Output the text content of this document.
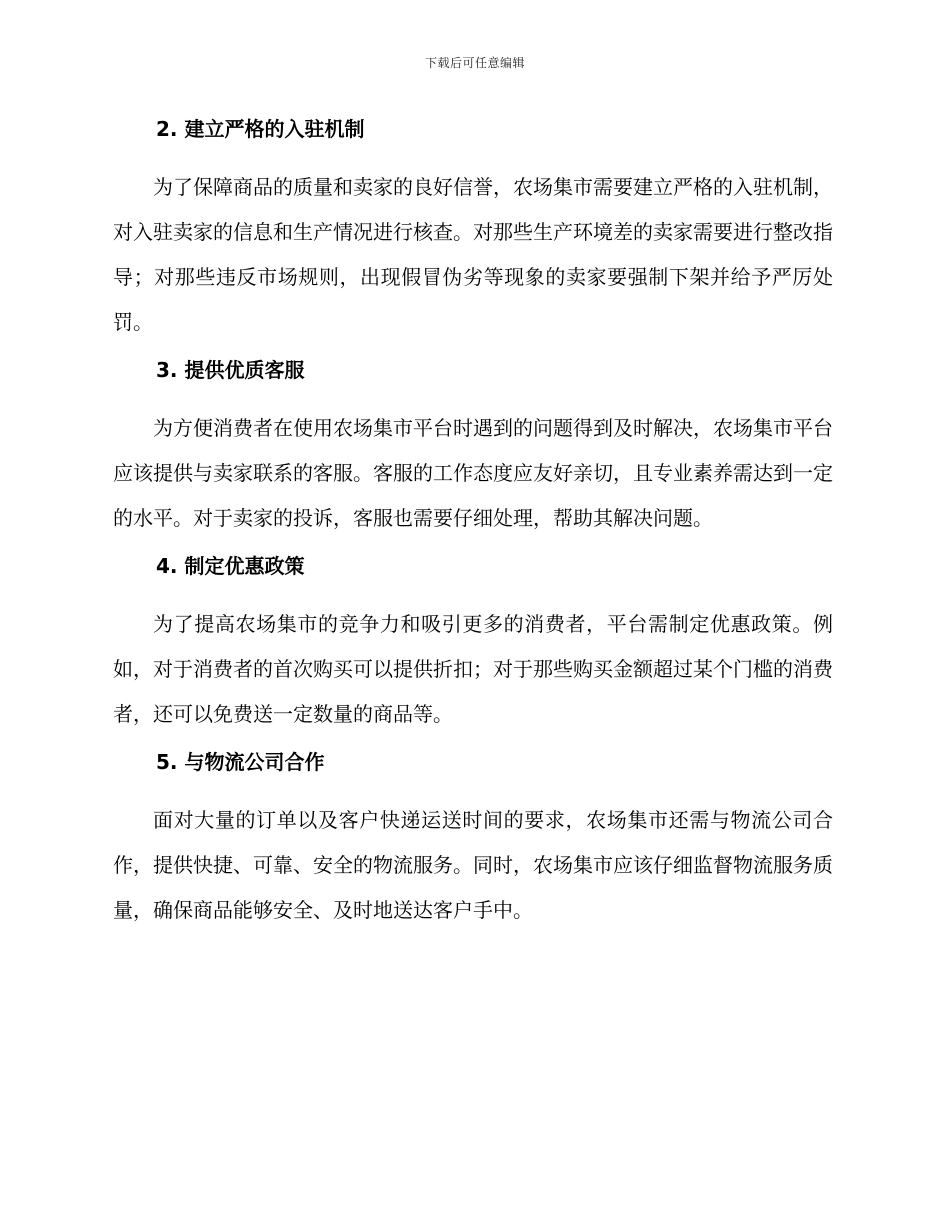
下载后可任意编辑
2. 建立严格的入驻机制

为了保障商品的质量和卖家的良好信誉，农场集市需要建立严格的入驻机制，对入驻卖家的信息和生产情况进行核查。对那些生产环境差的卖家需要进行整改指导；对那些违反市场规则，出现假冒伪劣等现象的卖家要强制下架并给予严厉处罚。

3. 提供优质客服

为方便消费者在使用农场集市平台时遇到的问题得到及时解决，农场集市平台应该提供与卖家联系的客服。客服的工作态度应友好亲切，且专业素养需达到一定的水平。对于卖家的投诉，客服也需要仔细处理，帮助其解决问题。

4. 制定优惠政策

为了提高农场集市的竞争力和吸引更多的消费者，平台需制定优惠政策。例如，对于消费者的首次购买可以提供折扣；对于那些购买金额超过某个门槛的消费者，还可以免费送一定数量的商品等。

5. 与物流公司合作

面对大量的订单以及客户快递运送时间的要求，农场集市还需与物流公司合作，提供快捷、可靠、安全的物流服务。同时，农场集市应该仔细监督物流服务质量，确保商品能够安全、及时地送达客户手中。
